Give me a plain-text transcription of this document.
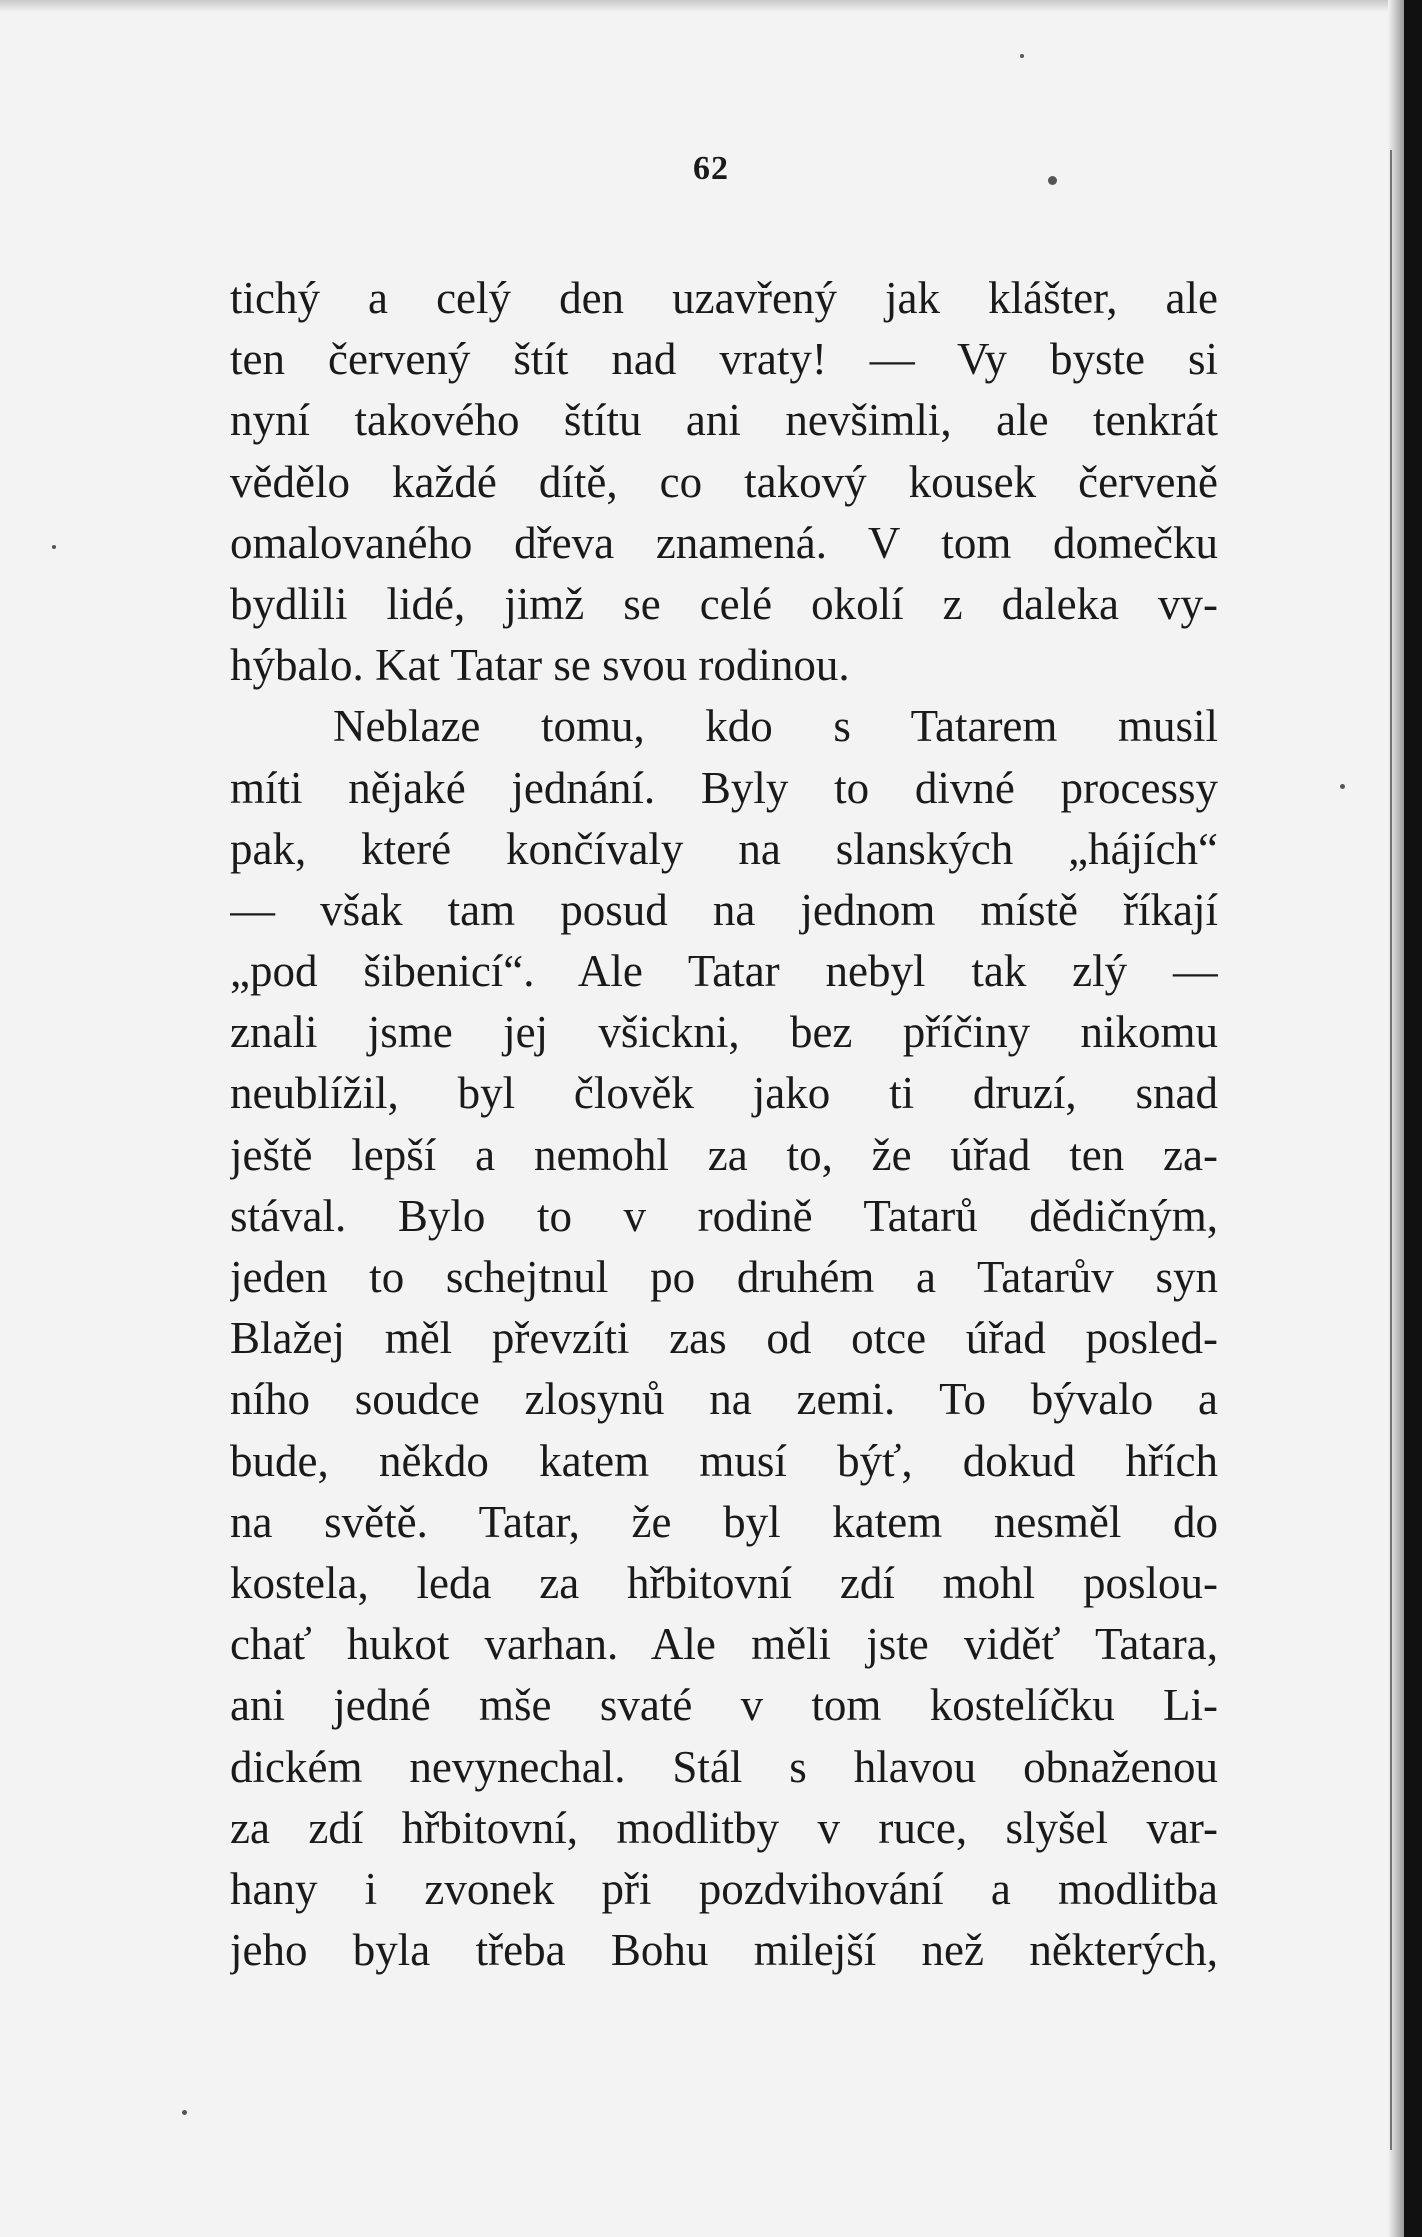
62
tichý a celý den uzavřený jak klášter, ale
ten červený štít nad vraty! — Vy byste si
nyní takového štítu ani nevšimli, ale tenkrát
vědělo každé dítě, co takový kousek červeně
omalovaného dřeva znamená. V tom domečku
bydlili lidé, jimž se celé okolí z daleka vy-
hýbalo. Kat Tatar se svou rodinou.
Neblaze tomu, kdo s Tatarem musil
míti nějaké jednání. Byly to divné processy
pak, které končívaly na slanských „hájích“
— však tam posud na jednom místě říkají
„pod šibenicí“. Ale Tatar nebyl tak zlý —
znali jsme jej všickni, bez příčiny nikomu
neublížil, byl člověk jako ti druzí, snad
ještě lepší a nemohl za to, že úřad ten za-
stával. Bylo to v rodině Tatarů dědičným,
jeden to schejtnul po druhém a Tatarův syn
Blažej měl převzíti zas od otce úřad posled-
ního soudce zlosynů na zemi. To bývalo a
bude, někdo katem musí býť, dokud hřích
na světě. Tatar, že byl katem nesměl do
kostela, leda za hřbitovní zdí mohl poslou-
chať hukot varhan. Ale měli jste viděť Tatara,
ani jedné mše svaté v tom kostelíčku Li-
dickém nevynechal. Stál s hlavou obnaženou
za zdí hřbitovní, modlitby v ruce, slyšel var-
hany i zvonek při pozdvihování a modlitba
jeho byla třeba Bohu milejší než některých,
